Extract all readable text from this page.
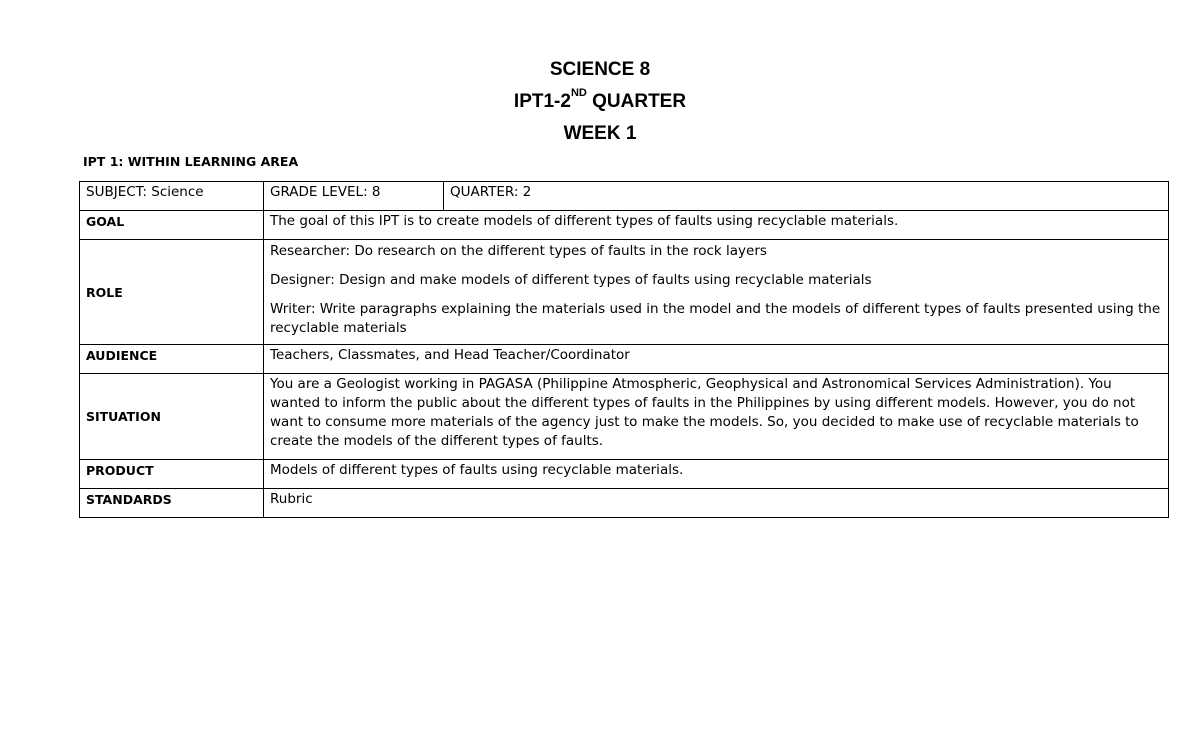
SCIENCE 8
IPT1-2ND QUARTER
WEEK 1
IPT 1: WITHIN LEARNING AREA
SUBJECT: Science	GRADE LEVEL: 8	QUARTER: 2
GOAL	The goal of this IPT is to create models of different types of faults using recyclable materials.	
ROLE	Researcher: Do research on the different types of faults in the rock layers
Designer: Design and make models of different types of faults using recyclable materials
Writer: Write paragraphs explaining the materials used in the model and the models of different types of faults presented using the recyclable materials	

AUDIENCE	Teachers, Classmates, and Head Teacher/Coordinator	
SITUATION	You are a Geologist working in PAGASA (Philippine Atmospheric, Geophysical and Astronomical Services Administration). You wanted to inform the public about the different types of faults in the Philippines by using different models. However, you do not want to consume more materials of the agency just to make the models. So, you decided to make use of recyclable materials to create the models of the different types of faults.	
PRODUCT	Models of different types of faults using recyclable materials.	
STANDARDS	Rubric	
